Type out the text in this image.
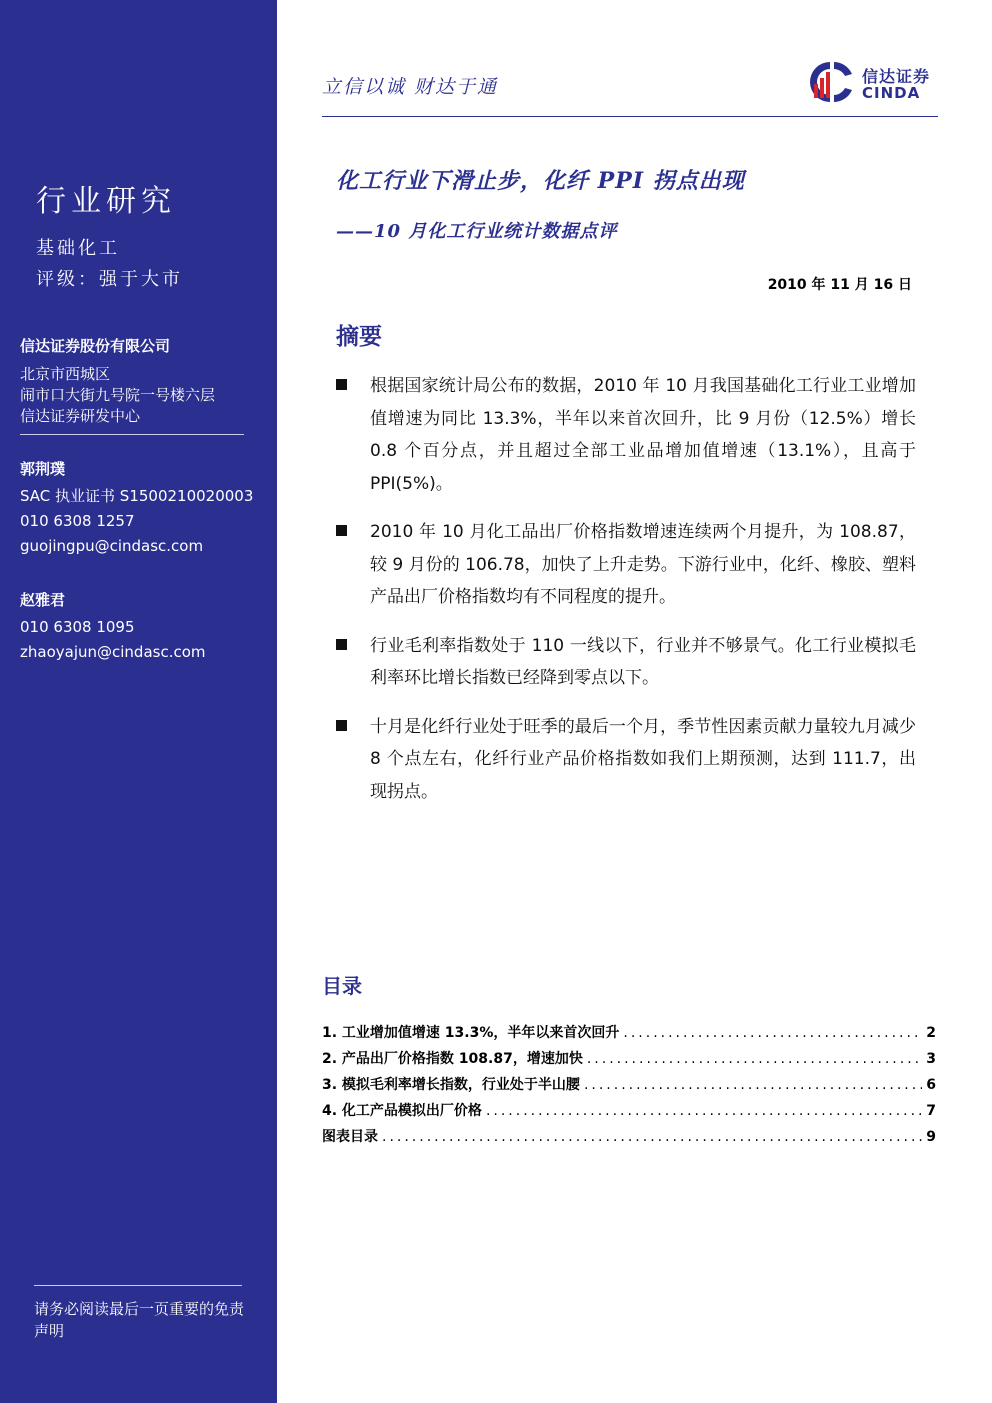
行业研究
基础化工
评级：强于大市
信达证券股份有限公司
北京市西城区
闹市口大街九号院一号楼六层
信达证券研发中心
郭荆璞
SAC 执业证书 S1500210020003
010 6308 1257
guojingpu@cindasc.com
赵雅君
010 6308 1095
zhaoyajun@cindasc.com
请务必阅读最后一页重要的免责声明
立信以诚 财达于通	信达证券
CINDA
化工行业下滑止步，化纤 PPI 拐点出现
——10 月化工行业统计数据点评
2010 年 11 月 16 日
摘要
根据国家统计局公布的数据，2010 年 10 月我国基础化工行业工业增加值增速为同比 13.3%，半年以来首次回升，比 9 月份（12.5%）增长 0.8 个百分点，并且超过全部工业品增加值增速（13.1%），且高于 PPI(5%)。
2010 年 10 月化工品出厂价格指数增速连续两个月提升，为 108.87，较 9 月份的 106.78，加快了上升走势。下游行业中，化纤、橡胶、塑料产品出厂价格指数均有不同程度的提升。
行业毛利率指数处于 110 一线以下，行业并不够景气。化工行业模拟毛利率环比增长指数已经降到零点以下。
十月是化纤行业处于旺季的最后一个月，季节性因素贡献力量较九月减少 8 个点左右，化纤行业产品价格指数如我们上期预测，达到 111.7，出现拐点。
目录
1. 工业增加值增速 13.3%，半年以来首次回升 .....	2
2. 产品出厂价格指数 108.87，增速加快 .....	3
3. 模拟毛利率增长指数，行业处于半山腰 .....	6
4. 化工产品模拟出厂价格 .....	7
图表目录 .....	9
